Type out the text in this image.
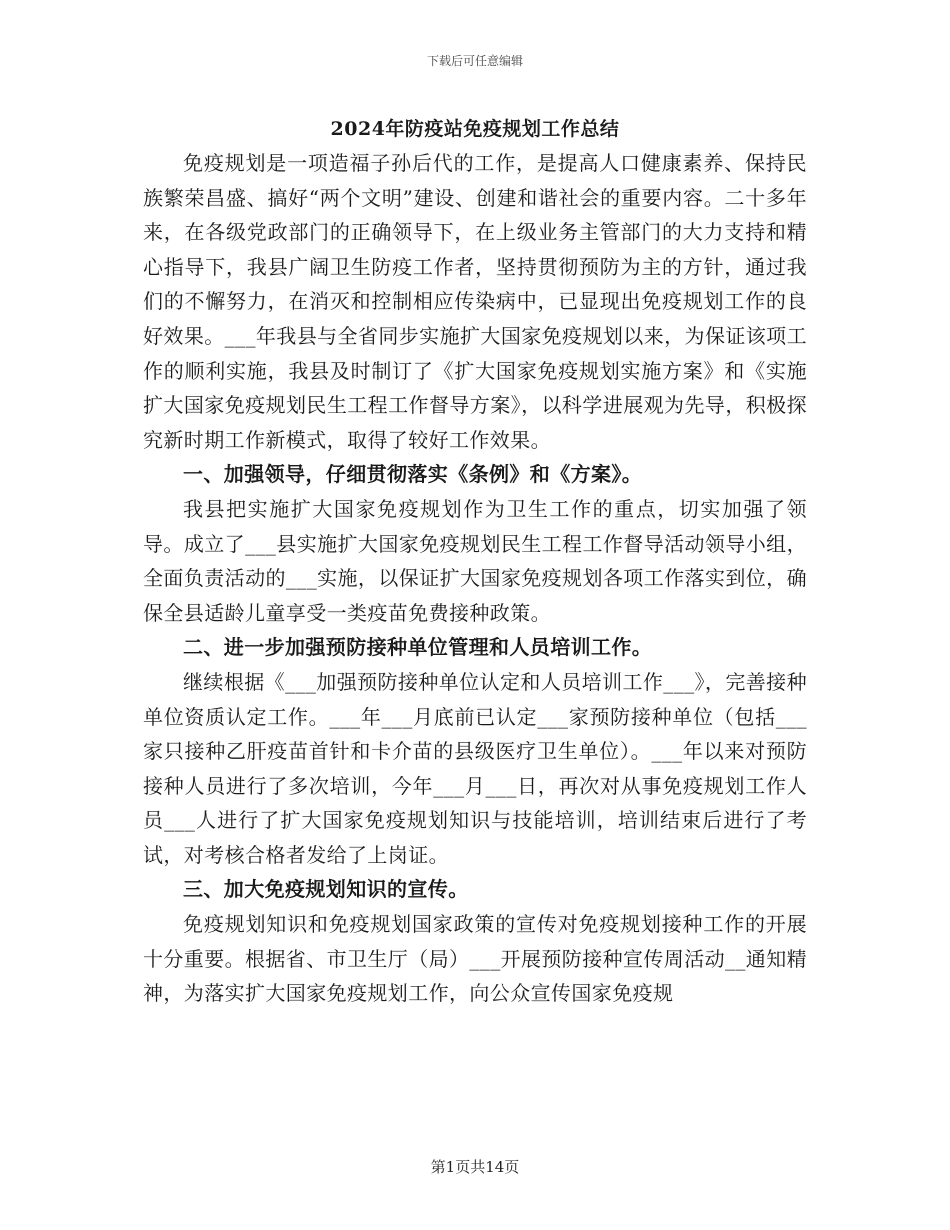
下载后可任意编辑
2024年防疫站免疫规划工作总结

免疫规划是一项造福子孙后代的工作，是提高人口健康素养、保持民族繁荣昌盛、搞好“两个文明”建设、创建和谐社会的重要内容。二十多年来，在各级党政部门的正确领导下，在上级业务主管部门的大力支持和精心指导下，我县广阔卫生防疫工作者，坚持贯彻预防为主的方针，通过我们的不懈努力，在消灭和控制相应传染病中，已显现出免疫规划工作的良好效果。___年我县与全省同步实施扩大国家免疫规划以来，为保证该项工作的顺利实施，我县及时制订了《扩大国家免疫规划实施方案》和《实施扩大国家免疫规划民生工程工作督导方案》，以科学进展观为先导，积极探究新时期工作新模式，取得了较好工作效果。

一、加强领导，仔细贯彻落实《条例》和《方案》。

我县把实施扩大国家免疫规划作为卫生工作的重点，切实加强了领导。成立了___县实施扩大国家免疫规划民生工程工作督导活动领导小组，全面负责活动的___实施，以保证扩大国家免疫规划各项工作落实到位，确保全县适龄儿童享受一类疫苗免费接种政策。

二、进一步加强预防接种单位管理和人员培训工作。

继续根据《___加强预防接种单位认定和人员培训工作___》，完善接种单位资质认定工作。___年___月底前已认定___家预防接种单位（包括___家只接种乙肝疫苗首针和卡介苗的县级医疗卫生单位）。___年以来对预防接种人员进行了多次培训，今年___月___日，再次对从事免疫规划工作人员___人进行了扩大国家免疫规划知识与技能培训，培训结束后进行了考试，对考核合格者发给了上岗证。

三、加大免疫规划知识的宣传。

免疫规划知识和免疫规划国家政策的宣传对免疫规划接种工作的开展十分重要。根据省、市卫生厅（局）___开展预防接种宣传周活动__通知精神，为落实扩大国家免疫规划工作，向公众宣传国家免疫规

第1页共14页
